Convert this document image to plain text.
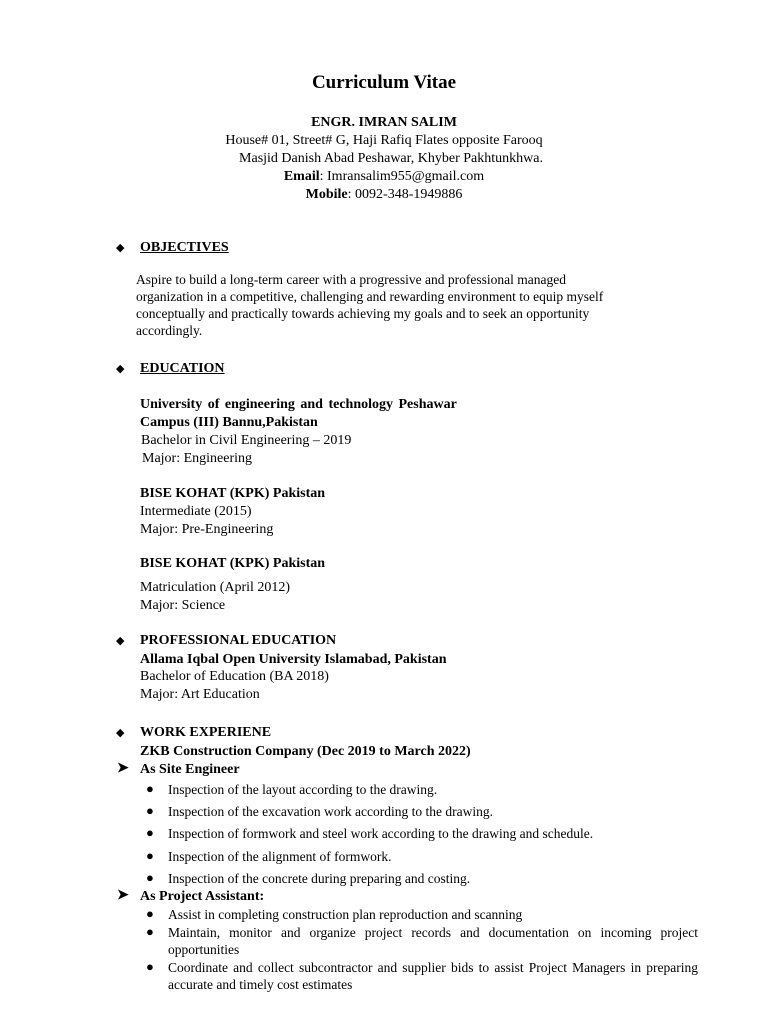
Curriculum Vitae
ENGR. IMRAN SALIM
House# 01, Street# G, Haji Rafiq Flates opposite Farooq
Masjid Danish Abad Peshawar, Khyber Pakhtunkhwa.
Email: Imransalim955@gmail.com
Mobile: 0092-348-1949886
◆ OBJECTIVES
Aspire to build a long-term career with a progressive and professional managed organization in a competitive, challenging and rewarding environment to equip myself conceptually and practically towards achieving my goals and to seek an opportunity accordingly.
◆ EDUCATION
University of engineering and technology Peshawar
Campus (III) Bannu,Pakistan
Bachelor in Civil Engineering – 2019
Major: Engineering
BISE KOHAT (KPK) Pakistan
Intermediate (2015)
Major: Pre-Engineering
BISE KOHAT (KPK) Pakistan
Matriculation (April 2012)
Major: Science
◆ PROFESSIONAL EDUCATION
Allama Iqbal Open University Islamabad, Pakistan
Bachelor of Education (BA 2018)
Major: Art Education
◆ WORK EXPERIENE
ZKB Construction Company (Dec 2019 to March 2022)
➤ As Site Engineer
● Inspection of the layout according to the drawing.
● Inspection of the excavation work according to the drawing.
● Inspection of formwork and steel work according to the drawing and schedule.
● Inspection of the alignment of formwork.
● Inspection of the concrete during preparing and costing.
➤ As Project Assistant:
● Assist in completing construction plan reproduction and scanning
● Maintain, monitor and organize project records and documentation on incoming project opportunities
● Coordinate and collect subcontractor and supplier bids to assist Project Managers in preparing accurate and timely cost estimates
